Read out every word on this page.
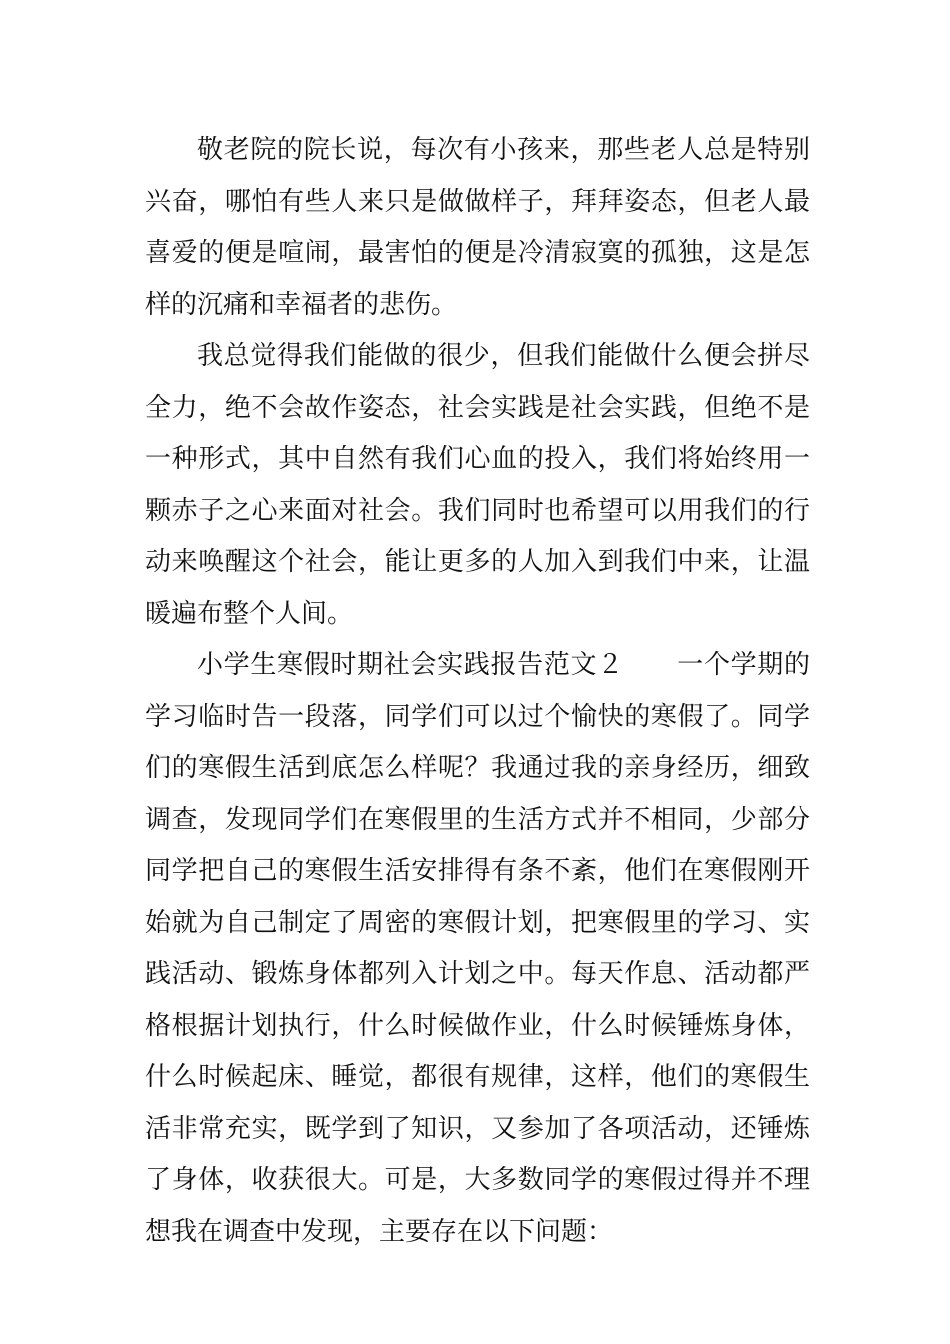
敬老院的院长说，每次有小孩来，那些老人总是特别兴奋，哪怕有些人来只是做做样子，拜拜姿态，但老人最喜爱的便是喧闹，最害怕的便是冷清寂寞的孤独，这是怎样的沉痛和幸福者的悲伤。

我总觉得我们能做的很少，但我们能做什么便会拼尽全力，绝不会故作姿态，社会实践是社会实践，但绝不是一种形式，其中自然有我们心血的投入，我们将始终用一颗赤子之心来面对社会。我们同时也希望可以用我们的行动来唤醒这个社会，能让更多的人加入到我们中来，让温暖遍布整个人间。

小学生寒假时期社会实践报告范文２　　一个学期的学习临时告一段落，同学们可以过个愉快的寒假了。同学们的寒假生活到底怎么样呢？我通过我的亲身经历，细致调查，发现同学们在寒假里的生活方式并不相同，少部分同学把自己的寒假生活安排得有条不紊，他们在寒假刚开始就为自己制定了周密的寒假计划，把寒假里的学习、实践活动、锻炼身体都列入计划之中。每天作息、活动都严格根据计划执行，什么时候做作业，什么时候锤炼身体，什么时候起床、睡觉，都很有规律，这样，他们的寒假生活非常充实，既学到了知识，又参加了各项活动，还锤炼了身体，收获很大。可是，大多数同学的寒假过得并不理想我在调查中发现，主要存在以下问题：
